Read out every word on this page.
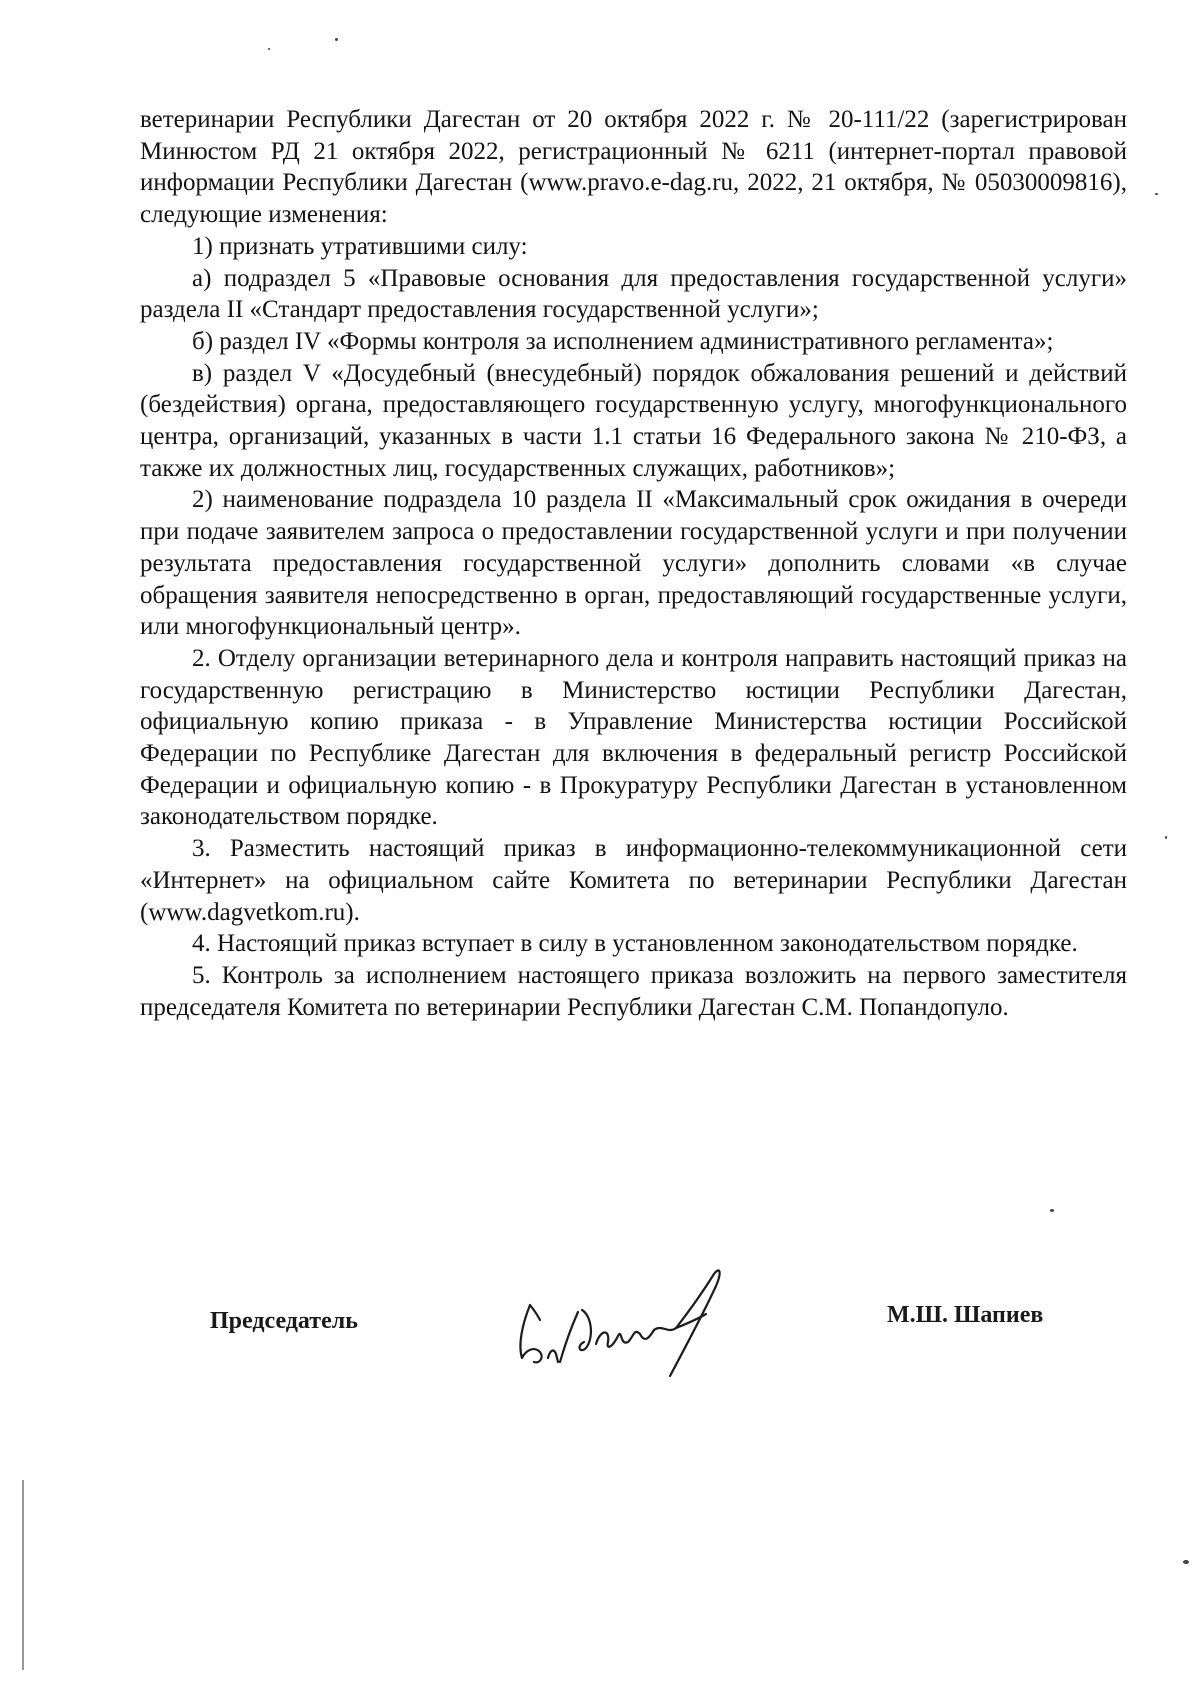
ветеринарии Республики Дагестан от 20 октября 2022 г. № 20-111/22 (зарегистрирован Минюстом РД 21 октября 2022, регистрационный № 6211 (интернет-портал правовой информации Республики Дагестан (www.pravo.e-dag.ru, 2022, 21 октября, № 05030009816), следующие изменения:

1) признать утратившими силу:

а) подраздел 5 «Правовые основания для предоставления государственной услуги» раздела II «Стандарт предоставления государственной услуги»;

б) раздел IV «Формы контроля за исполнением административного регламента»;

в) раздел V «Досудебный (внесудебный) порядок обжалования решений и действий (бездействия) органа, предоставляющего государственную услугу, многофункционального центра, организаций, указанных в части 1.1 статьи 16 Федерального закона № 210-ФЗ, а также их должностных лиц, государственных служащих, работников»;

2) наименование подраздела 10 раздела II «Максимальный срок ожидания в очереди при подаче заявителем запроса о предоставлении государственной услуги и при получении результата предоставления государственной услуги» дополнить словами «в случае обращения заявителя непосредственно в орган, предоставляющий государственные услуги, или многофункциональный центр».

2. Отделу организации ветеринарного дела и контроля направить настоящий приказ на государственную регистрацию в Министерство юстиции Республики Дагестан, официальную копию приказа - в Управление Министерства юстиции Российской Федерации по Республике Дагестан для включения в федеральный регистр Российской Федерации и официальную копию - в Прокуратуру Республики Дагестан в установленном законодательством порядке.

3. Разместить настоящий приказ в информационно-телекоммуникационной сети «Интернет» на официальном сайте Комитета по ветеринарии Республики Дагестан (www.dagvetkom.ru).

4. Настоящий приказ вступает в силу в установленном законодательством порядке.

5. Контроль за исполнением настоящего приказа возложить на первого заместителя председателя Комитета по ветеринарии Республики Дагестан С.М. Попандопуло.

Председатель	М.Ш. Шапиев
